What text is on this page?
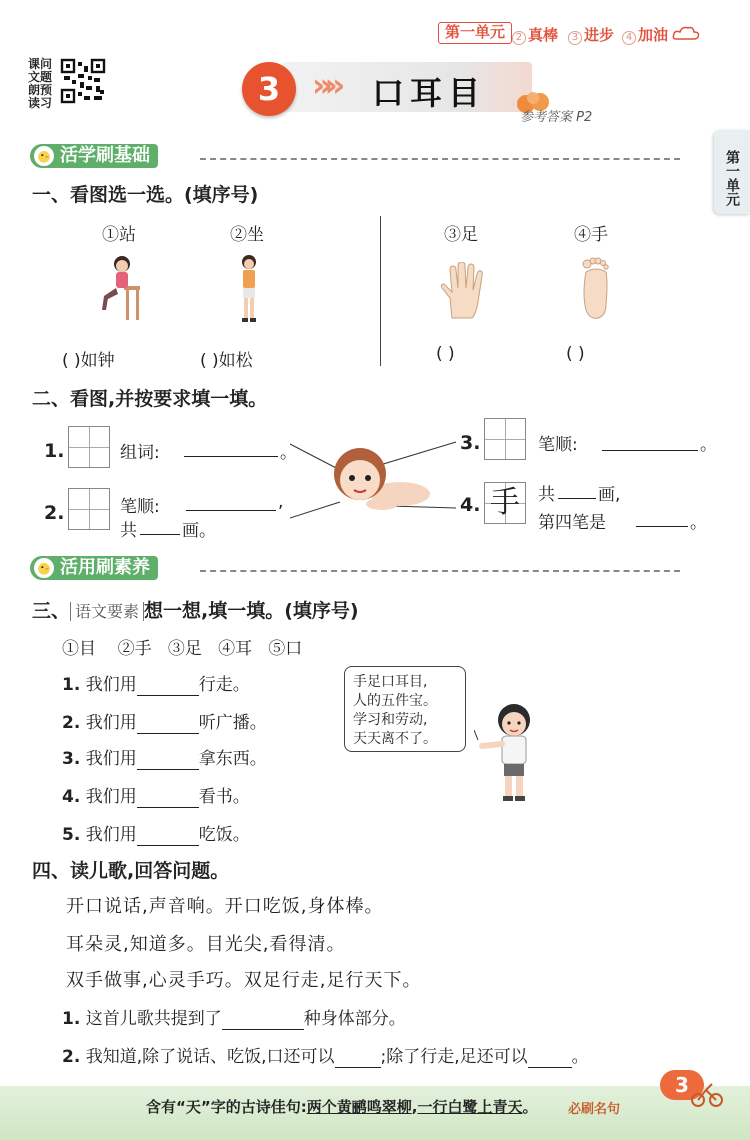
第一单元	2 真棒	3 进步	4 加油
课问文题朗预读习	3 »» 口耳目
参考答案 P2
第一单元
活学刷基础
一、看图选一选。(填序号)
①站	②坐	③足	④手
( )如钟	( )如松	( )	( )
二、看图,并按要求填一填。
1.	组词:	。
2.	笔顺:	,
共	画。
3.	笔顺:	。
4. 手	共	画,
第四笔是	。
活用刷素养
三、 语文要素 想一想,填一填。(填序号)
①目 ②手 ③足 ④耳 ⑤口
1. 我们用	行走。
2. 我们用	听广播。
3. 我们用	拿东西。
4. 我们用	看书。
5. 我们用	吃饭。
手足口耳目,
人的五件宝。
学习和劳动,
天天离不了。
四、读儿歌,回答问题。
开口说话,声音响。开口吃饭,身体棒。
耳朵灵,知道多。目光尖,看得清。
双手做事,心灵手巧。双足行走,足行天下。
1. 这首儿歌共提到了	种身体部分。
2. 我知道,除了说话、吃饭,口还可以	;除了行走,足还可以	。
含有“天”字的古诗佳句:两个黄鹂鸣翠柳,一行白鹭上青天。 必刷名句
3
